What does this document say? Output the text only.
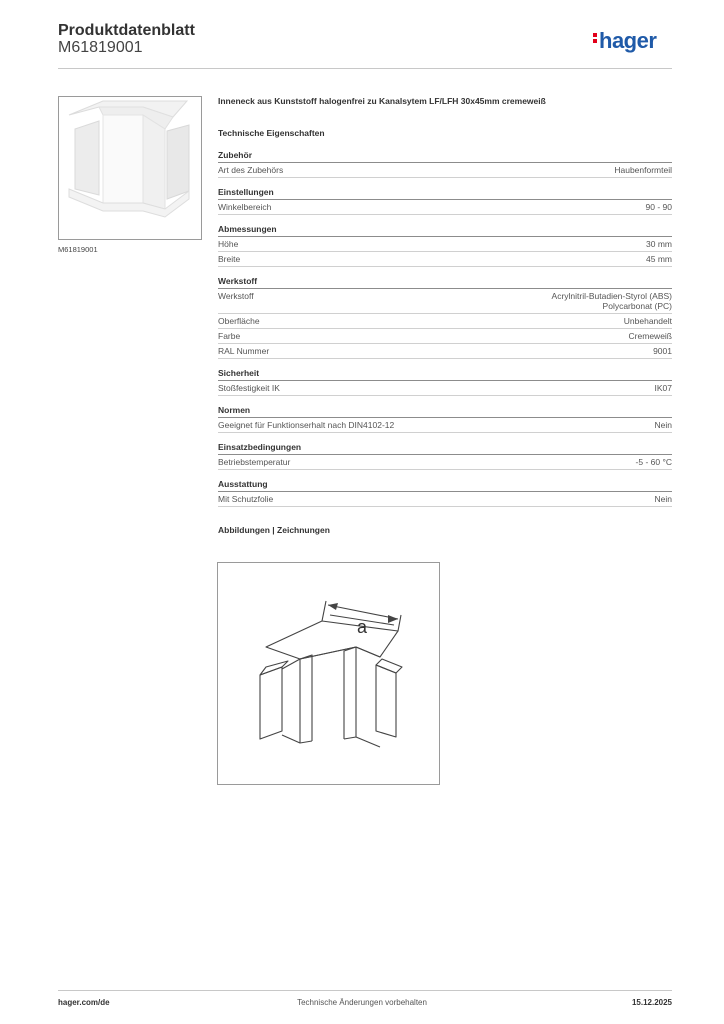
Produktdatenblatt
M61819001	hager
M61819001
Inneneck aus Kunststoff halogenfrei zu Kanalsytem LF/LFH 30x45mm cremeweiß
Technische Eigenschaften
Zubehör
Art des Zubehörs	Haubenformteil
Einstellungen
Winkelbereich	90 - 90
Abmessungen
Höhe	30 mm
Breite	45 mm
Werkstoff
Werkstoff	Acrylnitril-Butadien-Styrol (ABS)
Polycarbonat (PC)
Oberfläche	Unbehandelt
Farbe	Cremeweiß
RAL Nummer	9001
Sicherheit
Stoßfestigkeit IK	IK07
Normen
Geeignet für Funktionserhalt nach DIN4102-12	Nein
Einsatzbedingungen
Betriebstemperatur	-5 - 60 °C
Ausstattung
Mit Schutzfolie	Nein
Abbildungen | Zeichnungen
a
hager.com/de	Technische Änderungen vorbehalten	15.12.2025
